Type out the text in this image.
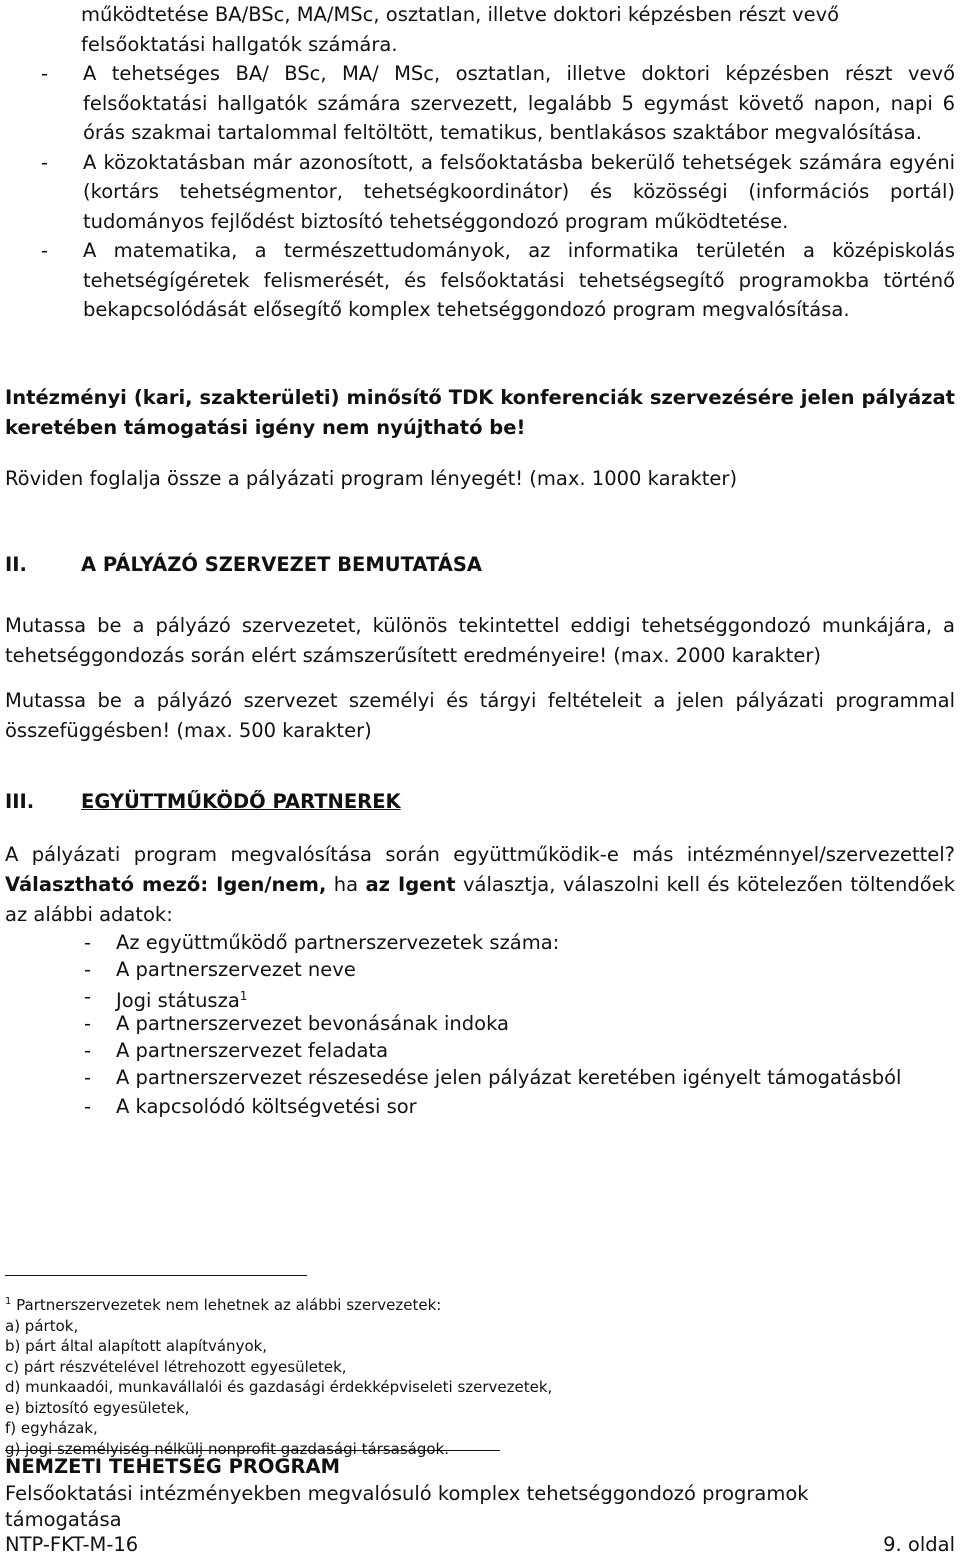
működtetése BA/BSc, MA/MSc, osztatlan, illetve doktori képzésben részt vevő
felsőoktatási hallgatók számára.
- A tehetséges BA/ BSc, MA/ MSc, osztatlan, illetve doktori képzésben részt vevő felsőoktatási hallgatók számára szervezett, legalább 5 egymást követő napon, napi 6 órás szakmai tartalommal feltöltött, tematikus, bentlakásos szaktábor megvalósítása.
- A közoktatásban már azonosított, a felsőoktatásba bekerülő tehetségek számára egyéni (kortárs tehetségmentor, tehetségkoordinátor) és közösségi (információs portál) tudományos fejlődést biztosító tehetséggondozó program működtetése.
- A matematika, a természettudományok, az informatika területén a középiskolás tehetségígéretek felismerését, és felsőoktatási tehetségsegítő programokba történő bekapcsolódását elősegítő komplex tehetséggondozó program megvalósítása.

Intézményi (kari, szakterületi) minősítő TDK konferenciák szervezésére jelen pályázat keretében támogatási igény nem nyújtható be!

Röviden foglalja össze a pályázati program lényegét! (max. 1000 karakter)

II.	A PÁLYÁZÓ SZERVEZET BEMUTATÁSA

Mutassa be a pályázó szervezetet, különös tekintettel eddigi tehetséggondozó munkájára, a tehetséggondozás során elért számszerűsített eredményeire! (max. 2000 karakter)

Mutassa be a pályázó szervezet személyi és tárgyi feltételeit a jelen pályázati programmal összefüggésben! (max. 500 karakter)

III. EGYÜTTMŰKÖDŐ PARTNEREK

A pályázati program megvalósítása során együttműködik-e más intézménnyel/szervezettel? Választható mező: Igen/nem, ha az Igent választja, válaszolni kell és kötelezően töltendőek az alábbi adatok:

- Az együttműködő partnerszervezetek száma:
- A partnerszervezet neve
- Jogi státusza$^1$
- A partnerszervezet bevonásának indoka
- A partnerszervezet feladata
- A partnerszervezet részesedése jelen pályázat keretében igényelt támogatásból
- A kapcsolódó költségvetési sor
$^1$ Partnerszervezetek nem lehetnek az alábbi szervezetek:
a) pártok,
b) párt által alapított alapítványok,
c) párt részvételével létrehozott egyesületek,
d) munkaadói, munkavállalói és gazdasági érdekképviseleti szervezetek,
e) biztosító egyesületek,
f) egyházak,
g) jogi személyiség nélküli nonprofit gazdasági társaságok.
NEMZETI TEHETSÉG PROGRAM
Felsőoktatási intézményekben megvalósuló komplex tehetséggondozó programok
támogatása
NTP-FKT-M-16	9. oldal
